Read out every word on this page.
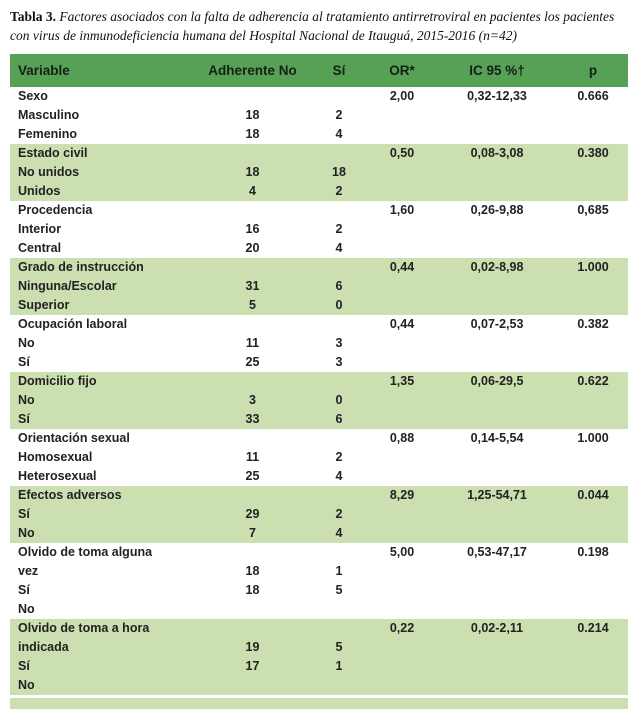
Tabla 3. Factores asociados con la falta de adherencia al tratamiento antirretroviral en pacientes los pacientes con virus de inmunodeficiencia humana del Hospital Nacional de Itauguá, 2015-2016 (n=42)

Variable	Adherente No	Sí	OR*	IC 95 %†	p
Sexo			2,00	0,32-12,33	0.666
Masculino	18	2			
Femenino	18	4			
Estado civil			0,50	0,08-3,08	0.380
No unidos	18	18			
Unidos	4	2			
Procedencia			1,60	0,26-9,88	0,685
Interior	16	2			
Central	20	4			
Grado de instrucción			0,44	0,02-8,98	1.000
Ninguna/Escolar	31	6			
Superior	5	0			
Ocupación laboral			0,44	0,07-2,53	0.382
No	11	3			
Sí	25	3			
Domicilio fijo			1,35	0,06-29,5	0.622
No	3	0			
Sí	33	6			
Orientación sexual			0,88	0,14-5,54	1.000
Homosexual	11	2			
Heterosexual	25	4			
Efectos adversos			8,29	1,25-54,71	0.044
Sí	29	2			
No	7	4			
Olvido de toma alguna			5,00	0,53-47,17	0.198
vez	18	1			
Sí	18	5			
No					
Olvido de toma a hora			0,22	0,02-2,11	0.214
indicada	19	5			
Sí	17	1			
No					
